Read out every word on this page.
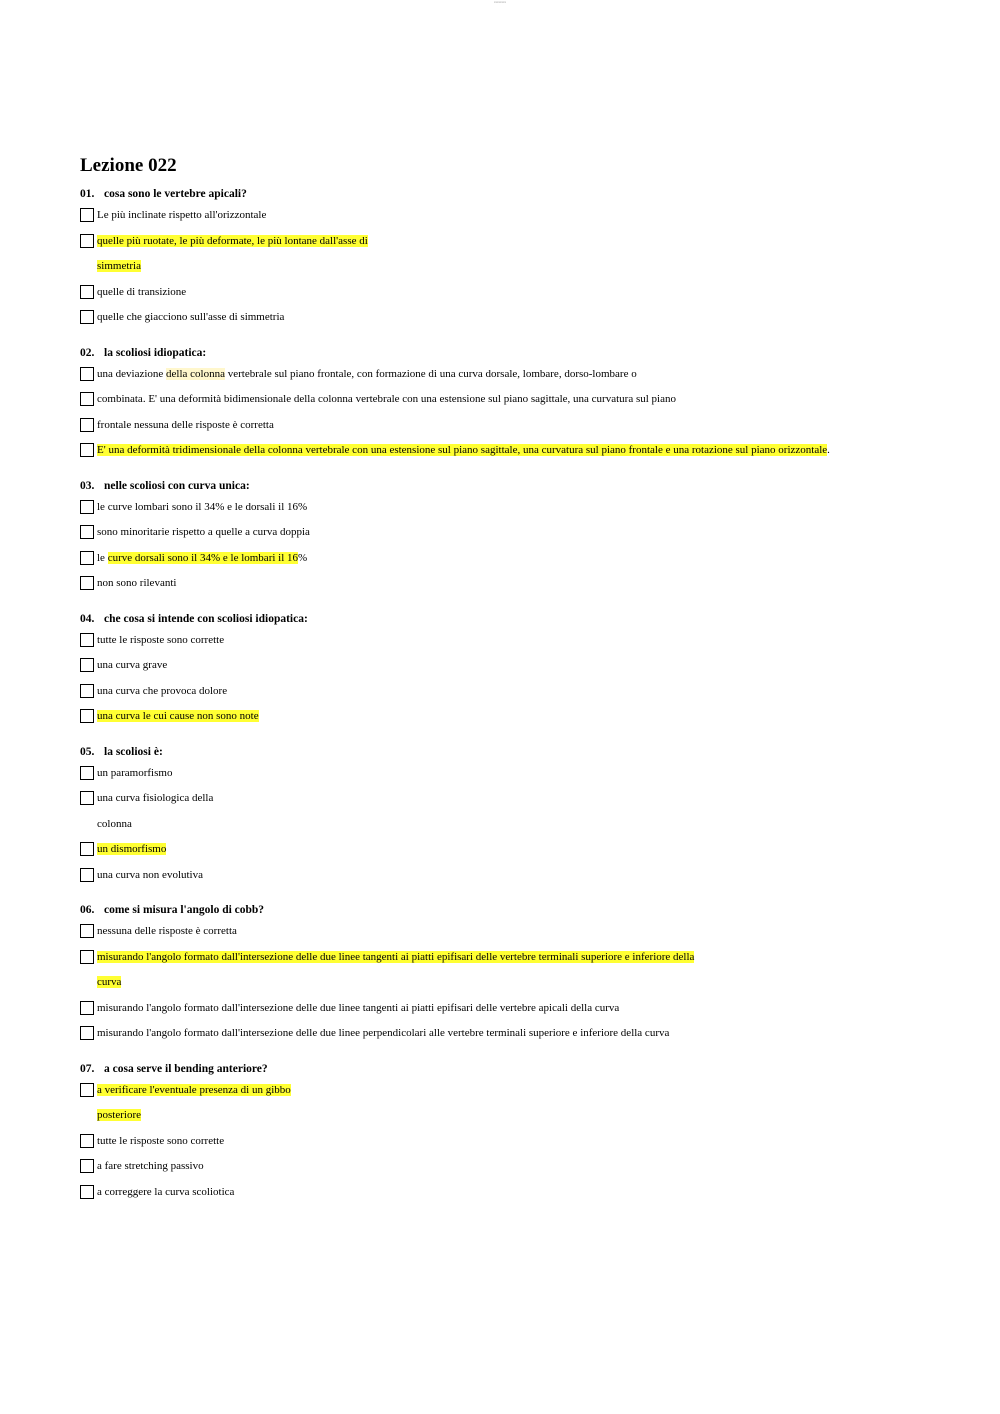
xxxxxxxx
Lezione 022
01. cosa sono le vertebre apicali?
Le più inclinate rispetto all'orizzontale
quelle più ruotate, le più deformate, le più lontane dall'asse di
simmetria
quelle di transizione
quelle che giacciono sull'asse di simmetria
02. la scoliosi idiopatica:
una deviazione della colonna vertebrale sul piano frontale, con formazione di una curva dorsale, lombare, dorso-lombare o
combinata. E' una deformità bidimensionale della colonna vertebrale con una estensione sul piano sagittale, una curvatura sul piano
frontale nessuna delle risposte è corretta
E' una deformità tridimensionale della colonna vertebrale con una estensione sul piano sagittale, una curvatura sul piano frontale e una rotazione sul piano orizzontale.
03. nelle scoliosi con curva unica:
le curve lombari sono il 34% e le dorsali il 16%
sono minoritarie rispetto a quelle a curva doppia
le curve dorsali sono il 34% e le lombari il 16%
non sono rilevanti
04. che cosa si intende con scoliosi idiopatica:
tutte le risposte sono corrette
una curva grave
una curva che provoca dolore
una curva le cui cause non sono note
05. la scoliosi è:
un paramorfismo
una curva fisiologica della
colonna
un dismorfismo
una curva non evolutiva
06. come si misura l'angolo di cobb?
nessuna delle risposte è corretta
misurando l'angolo formato dall'intersezione delle due linee tangenti ai piatti epifisari delle vertebre terminali superiore e inferiore della
curva
misurando l'angolo formato dall'intersezione delle due linee tangenti ai piatti epifisari delle vertebre apicali della curva
misurando l'angolo formato dall'intersezione delle due linee perpendicolari alle vertebre terminali superiore e inferiore della curva
07. a cosa serve il bending anteriore?
a verificare l'eventuale presenza di un gibbo
posteriore
tutte le risposte sono corrette
a fare stretching passivo
a correggere la curva scoliotica
